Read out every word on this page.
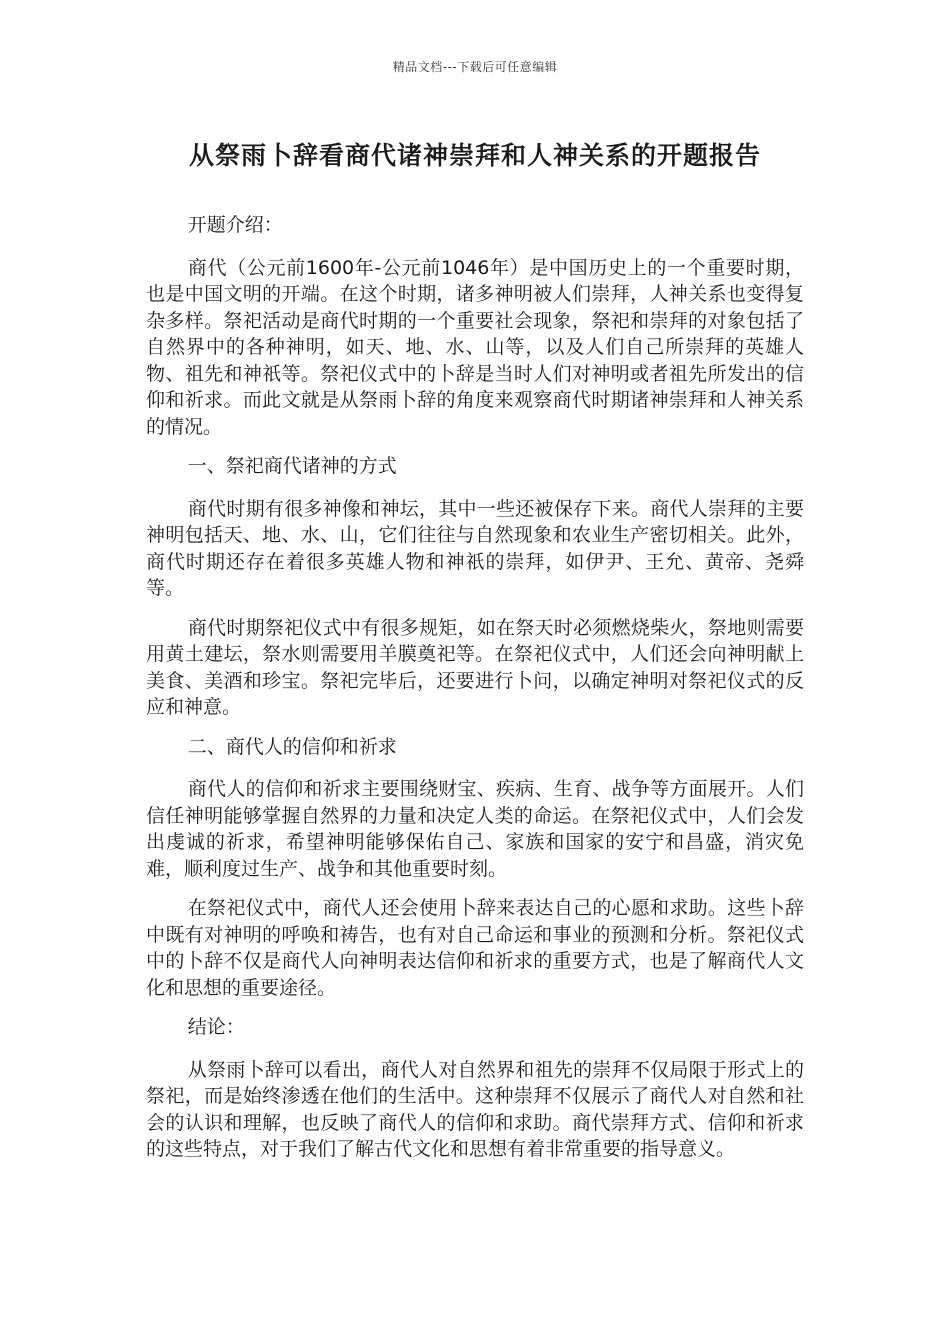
精品文档---下载后可任意编辑
从祭雨卜辞看商代诸神崇拜和人神关系的开题报告

开题介绍：

商代（公元前1600年-公元前1046年）是中国历史上的一个重要时期，也是中国文明的开端。在这个时期，诸多神明被人们崇拜，人神关系也变得复杂多样。祭祀活动是商代时期的一个重要社会现象，祭祀和崇拜的对象包括了自然界中的各种神明，如天、地、水、山等，以及人们自己所崇拜的英雄人物、祖先和神祇等。祭祀仪式中的卜辞是当时人们对神明或者祖先所发出的信仰和祈求。而此文就是从祭雨卜辞的角度来观察商代时期诸神崇拜和人神关系的情况。

一、祭祀商代诸神的方式

商代时期有很多神像和神坛，其中一些还被保存下来。商代人崇拜的主要神明包括天、地、水、山，它们往往与自然现象和农业生产密切相关。此外，商代时期还存在着很多英雄人物和神祇的崇拜，如伊尹、王允、黄帝、尧舜等。

商代时期祭祀仪式中有很多规矩，如在祭天时必须燃烧柴火，祭地则需要用黄土建坛，祭水则需要用羊膜奠祀等。在祭祀仪式中，人们还会向神明献上美食、美酒和珍宝。祭祀完毕后，还要进行卜问，以确定神明对祭祀仪式的反应和神意。

二、商代人的信仰和祈求

商代人的信仰和祈求主要围绕财宝、疾病、生育、战争等方面展开。人们信任神明能够掌握自然界的力量和决定人类的命运。在祭祀仪式中，人们会发出虔诚的祈求，希望神明能够保佑自己、家族和国家的安宁和昌盛，消灾免难，顺利度过生产、战争和其他重要时刻。

在祭祀仪式中，商代人还会使用卜辞来表达自己的心愿和求助。这些卜辞中既有对神明的呼唤和祷告，也有对自己命运和事业的预测和分析。祭祀仪式中的卜辞不仅是商代人向神明表达信仰和祈求的重要方式，也是了解商代人文化和思想的重要途径。

结论：

从祭雨卜辞可以看出，商代人对自然界和祖先的崇拜不仅局限于形式上的祭祀，而是始终渗透在他们的生活中。这种崇拜不仅展示了商代人对自然和社会的认识和理解，也反映了商代人的信仰和求助。商代崇拜方式、信仰和祈求的这些特点，对于我们了解古代文化和思想有着非常重要的指导意义。
